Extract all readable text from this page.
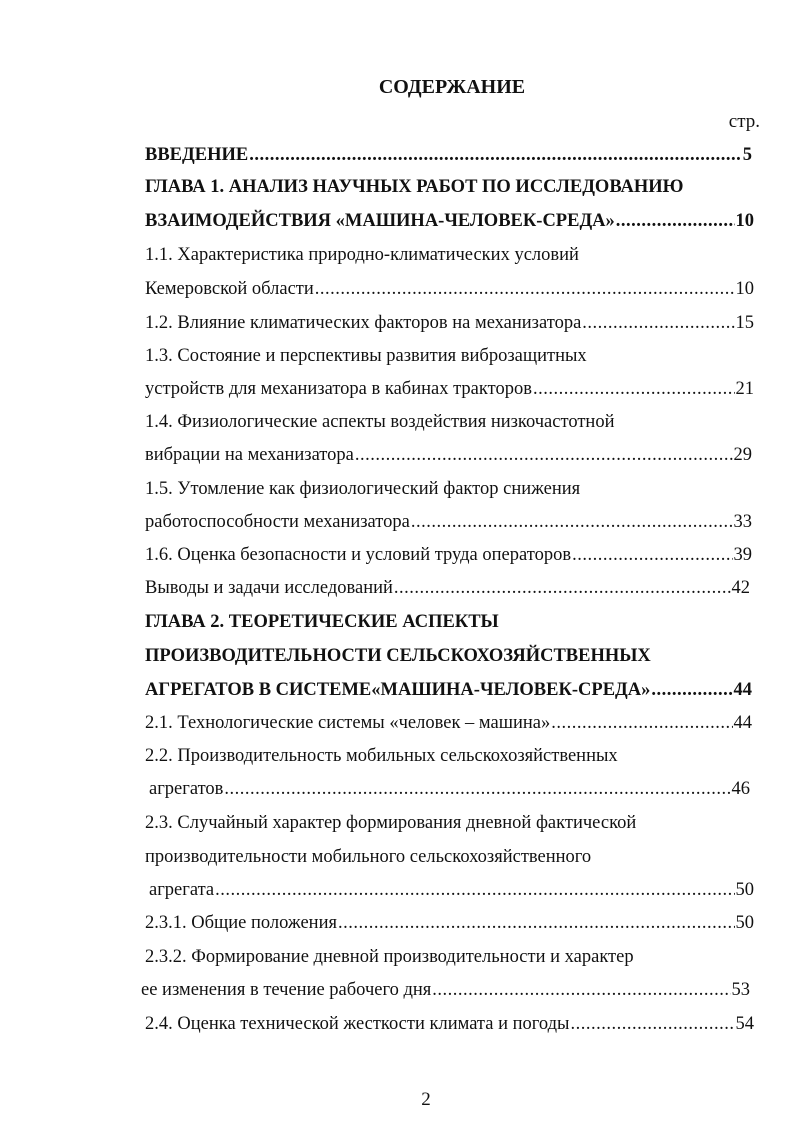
СОДЕРЖАНИЕ
стр.
ВВЕДЕНИЕ .....	5
ГЛАВА 1. АНАЛИЗ НАУЧНЫХ РАБОТ ПО ИССЛЕДОВАНИЮ
ВЗАИМОДЕЙСТВИЯ «МАШИНА-ЧЕЛОВЕК-СРЕДА» .....	10
1.1. Характеристика природно-климатических условий
Кемеровской области .....	10
1.2. Влияние климатических факторов на механизатора .....	15
1.3. Состояние и перспективы развития виброзащитных
устройств для механизатора в кабинах тракторов .....	21
1.4. Физиологические аспекты воздействия низкочастотной
вибрации на механизатора .....	29
1.5. Утомление как физиологический фактор снижения
работоспособности механизатора .....	33
1.6. Оценка безопасности и условий труда операторов .....	39
Выводы и задачи исследований .....	42
ГЛАВА 2. ТЕОРЕТИЧЕСКИЕ АСПЕКТЫ
ПРОИЗВОДИТЕЛЬНОСТИ СЕЛЬСКОХОЗЯЙСТВЕННЫХ
АГРЕГАТОВ В СИСТЕМЕ«МАШИНА-ЧЕЛОВЕК-СРЕДА» .....	44
2.1. Технологические системы «человек – машина» .....	44
2.2. Производительность мобильных сельскохозяйственных
агрегатов .....	46
2.3. Случайный характер формирования дневной фактической
производительности мобильного сельскохозяйственного
агрегата .....	50
2.3.1. Общие положения .....	50
2.3.2. Формирование дневной производительности и характер
ее изменения в течение рабочего дня .....	53
2.4. Оценка технической жесткости климата и погоды .....	54
2
